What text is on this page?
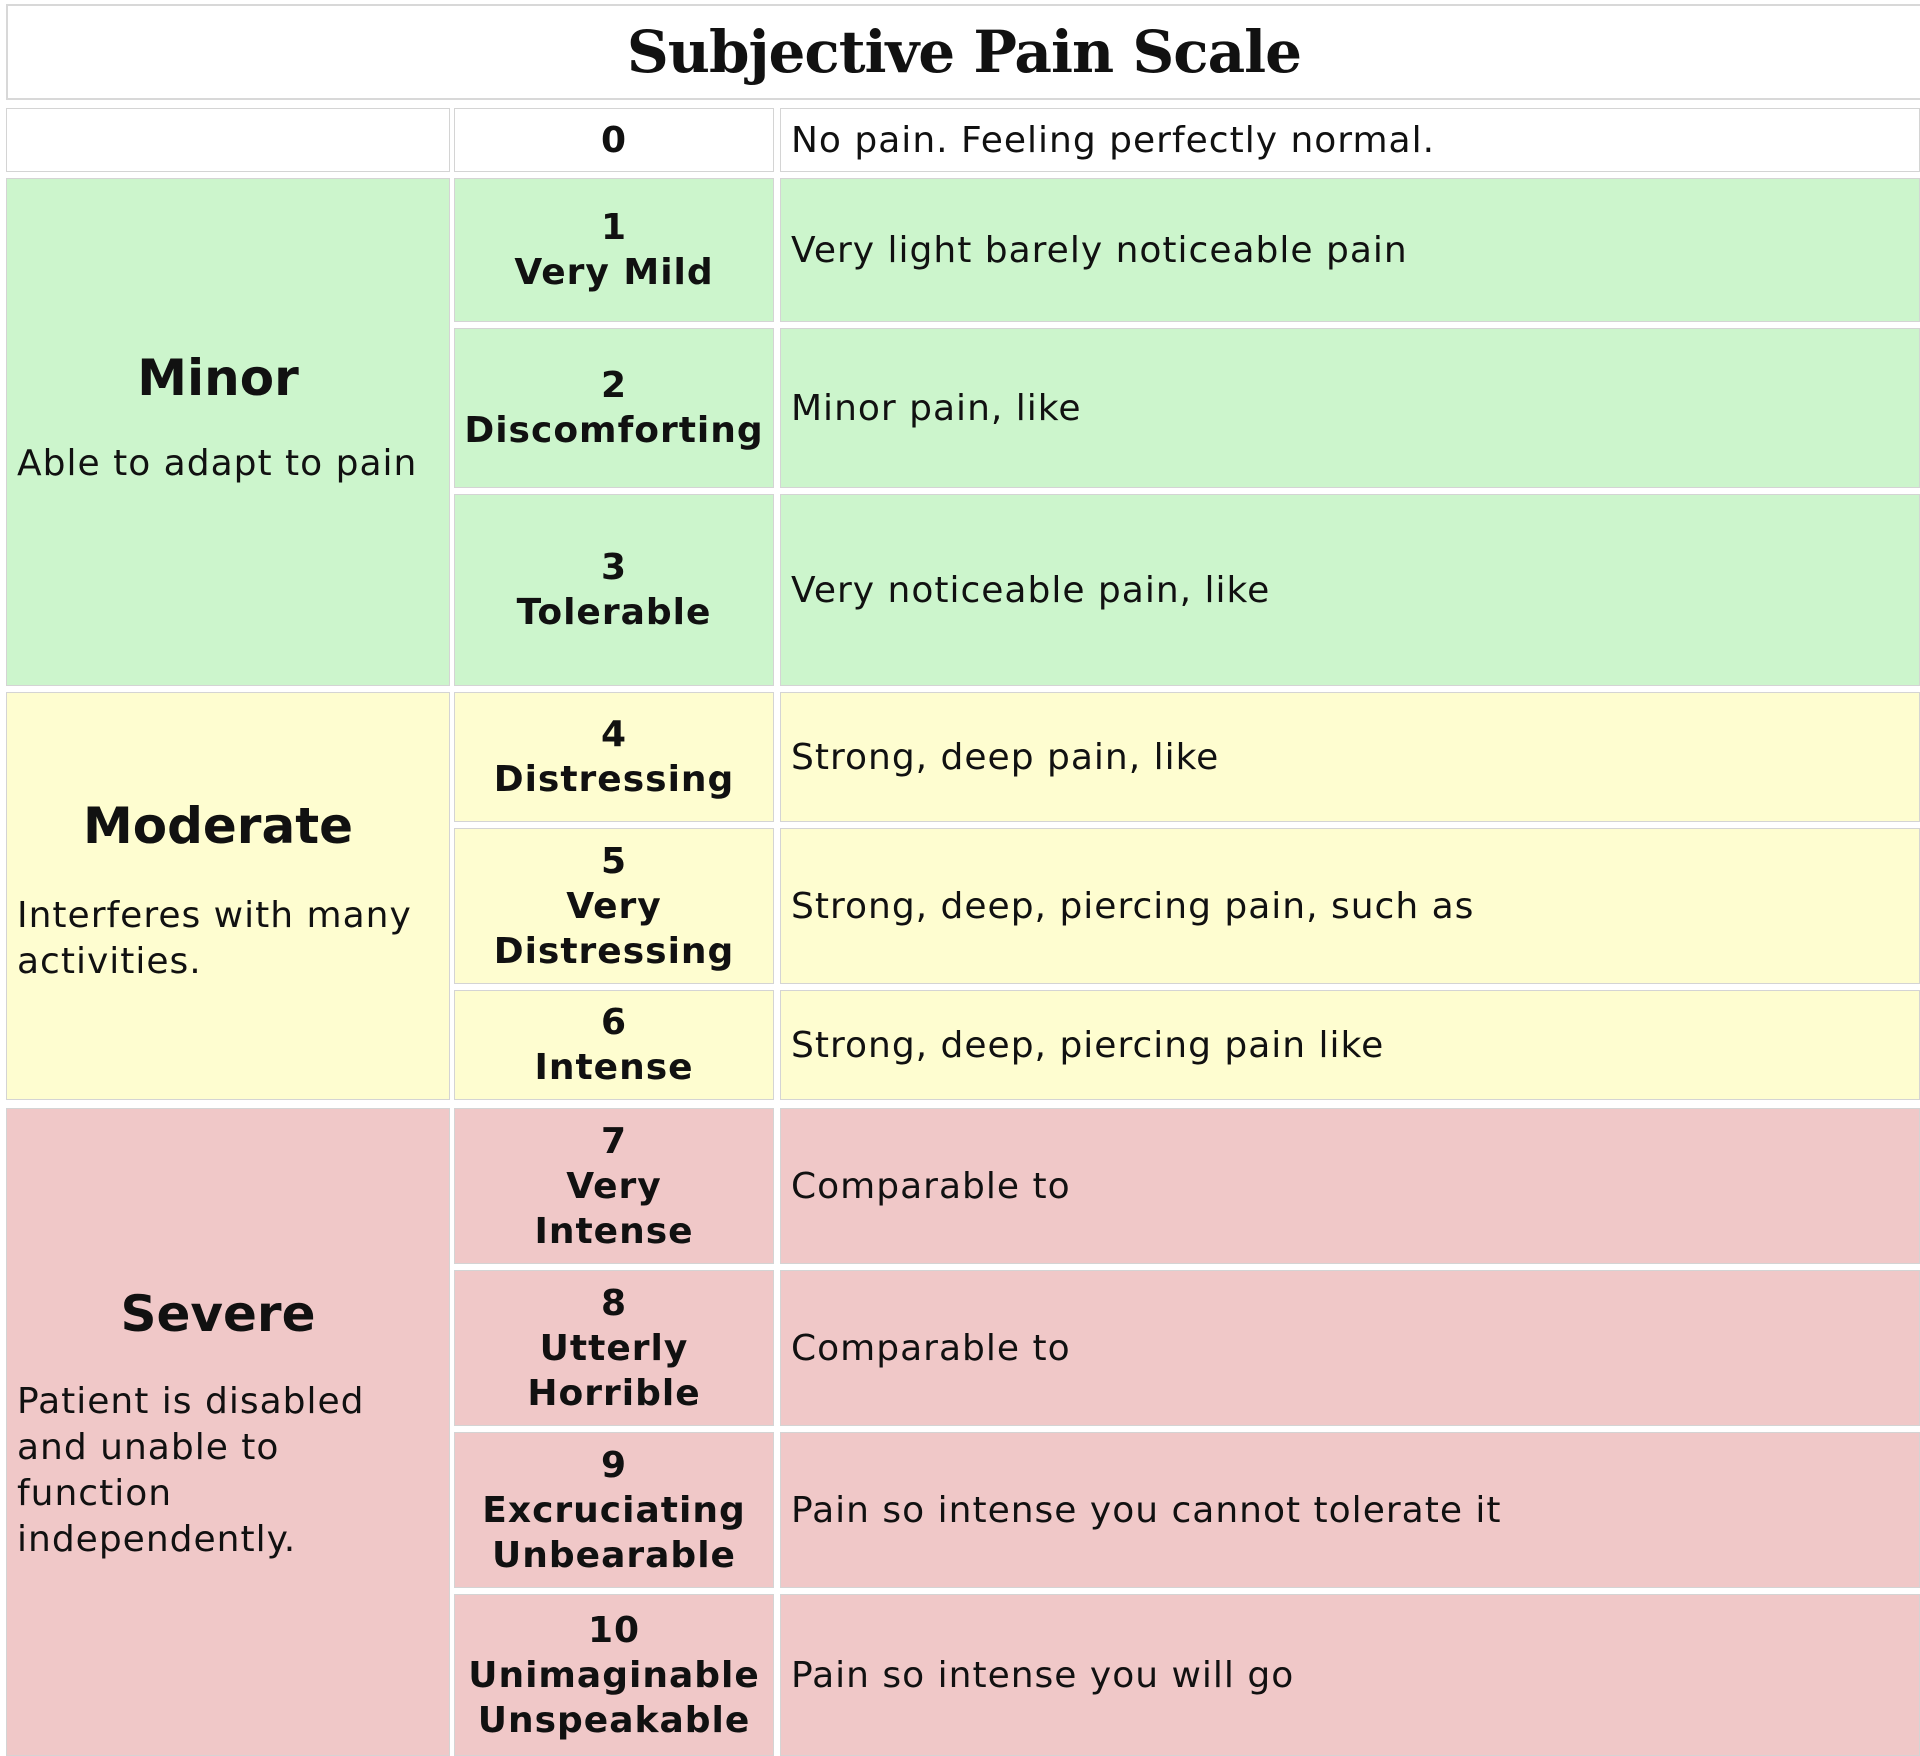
Subjective Pain Scale
Minor
Able to adapt to pain
Moderate
Interferes with many
activities.
Severe
Patient is disabled
and unable to
function
independently.
0	No pain. Feeling perfectly normal.
1
Very Mild
Very light barely noticeable pain
2
Discomforting
Minor pain, like
3
Tolerable
Very noticeable pain, like
4
Distressing
Strong, deep pain, like
5
Very
Distressing
Strong, deep, piercing pain, such as
6
Intense
Strong, deep, piercing pain like
7
Very
Intense
Comparable to
8
Utterly
Horrible
Comparable to
9
Excruciating
Unbearable
Pain so intense you cannot tolerate it
10
Unimaginable
Unspeakable
Pain so intense you will go
